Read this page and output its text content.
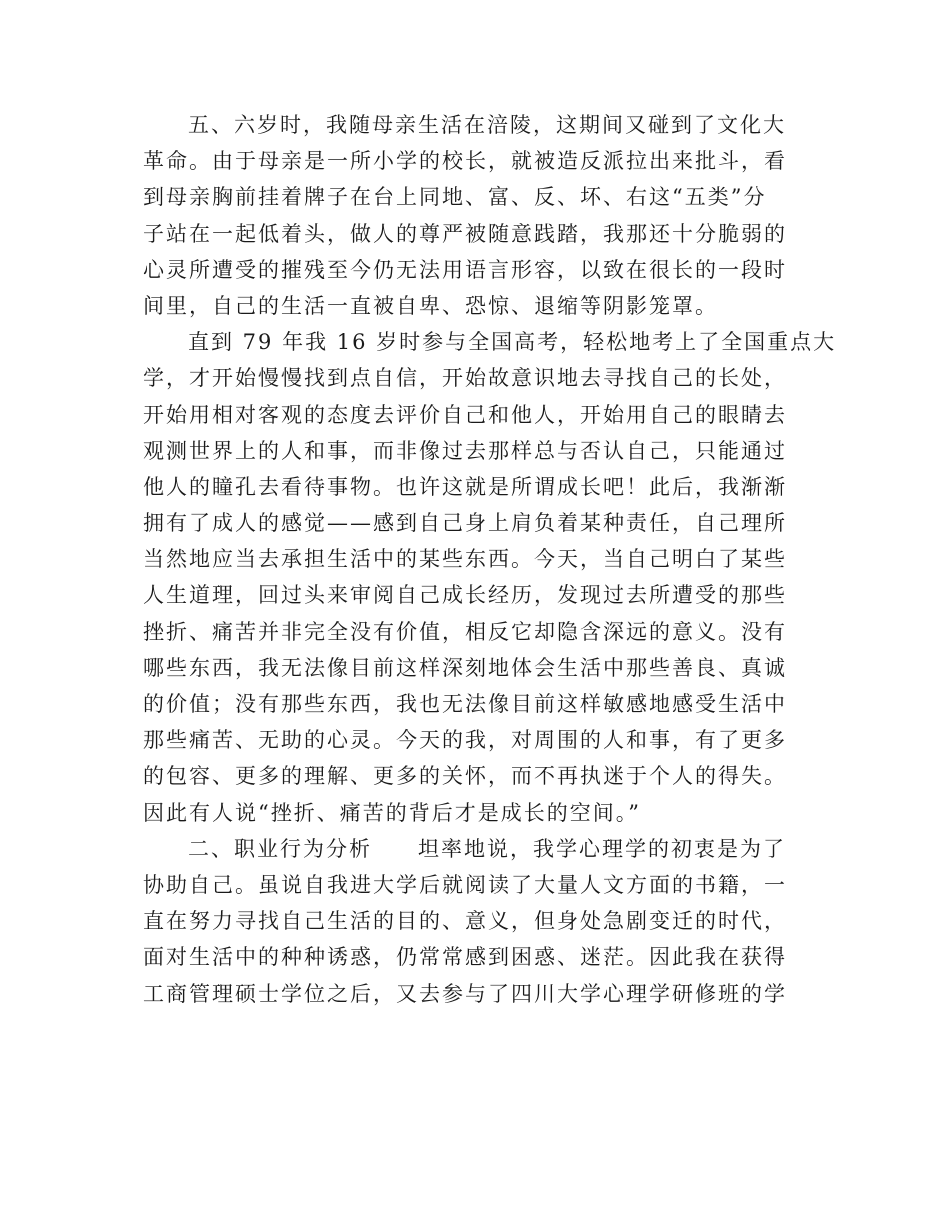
五、六岁时，我随母亲生活在涪陵，这期间又碰到了文化大
革命。由于母亲是一所小学的校长，就被造反派拉出来批斗，看
到母亲胸前挂着牌子在台上同地、富、反、坏、右这“五类”分
子站在一起低着头，做人的尊严被随意践踏，我那还十分脆弱的
心灵所遭受的摧残至今仍无法用语言形容，以致在很长的一段时
间里，自己的生活一直被自卑、恐惊、退缩等阴影笼罩。
直到 79 年我 16 岁时参与全国高考，轻松地考上了全国重点大
学，才开始慢慢找到点自信，开始故意识地去寻找自己的长处，
开始用相对客观的态度去评价自己和他人，开始用自己的眼睛去
观测世界上的人和事，而非像过去那样总与否认自己，只能通过
他人的瞳孔去看待事物。也许这就是所谓成长吧！此后，我渐渐
拥有了成人的感觉——感到自己身上肩负着某种责任，自己理所
当然地应当去承担生活中的某些东西。今天，当自己明白了某些
人生道理，回过头来审阅自己成长经历，发现过去所遭受的那些
挫折、痛苦并非完全没有价值，相反它却隐含深远的意义。没有
哪些东西，我无法像目前这样深刻地体会生活中那些善良、真诚
的价值；没有那些东西，我也无法像目前这样敏感地感受生活中
那些痛苦、无助的心灵。今天的我，对周围的人和事，有了更多
的包容、更多的理解、更多的关怀，而不再执迷于个人的得失。
因此有人说“挫折、痛苦的背后才是成长的空间。”
二、职业行为分析　　坦率地说，我学心理学的初衷是为了
协助自己。虽说自我进大学后就阅读了大量人文方面的书籍，一
直在努力寻找自己生活的目的、意义，但身处急剧变迁的时代，
面对生活中的种种诱惑，仍常常感到困惑、迷茫。因此我在获得
工商管理硕士学位之后，又去参与了四川大学心理学研修班的学
